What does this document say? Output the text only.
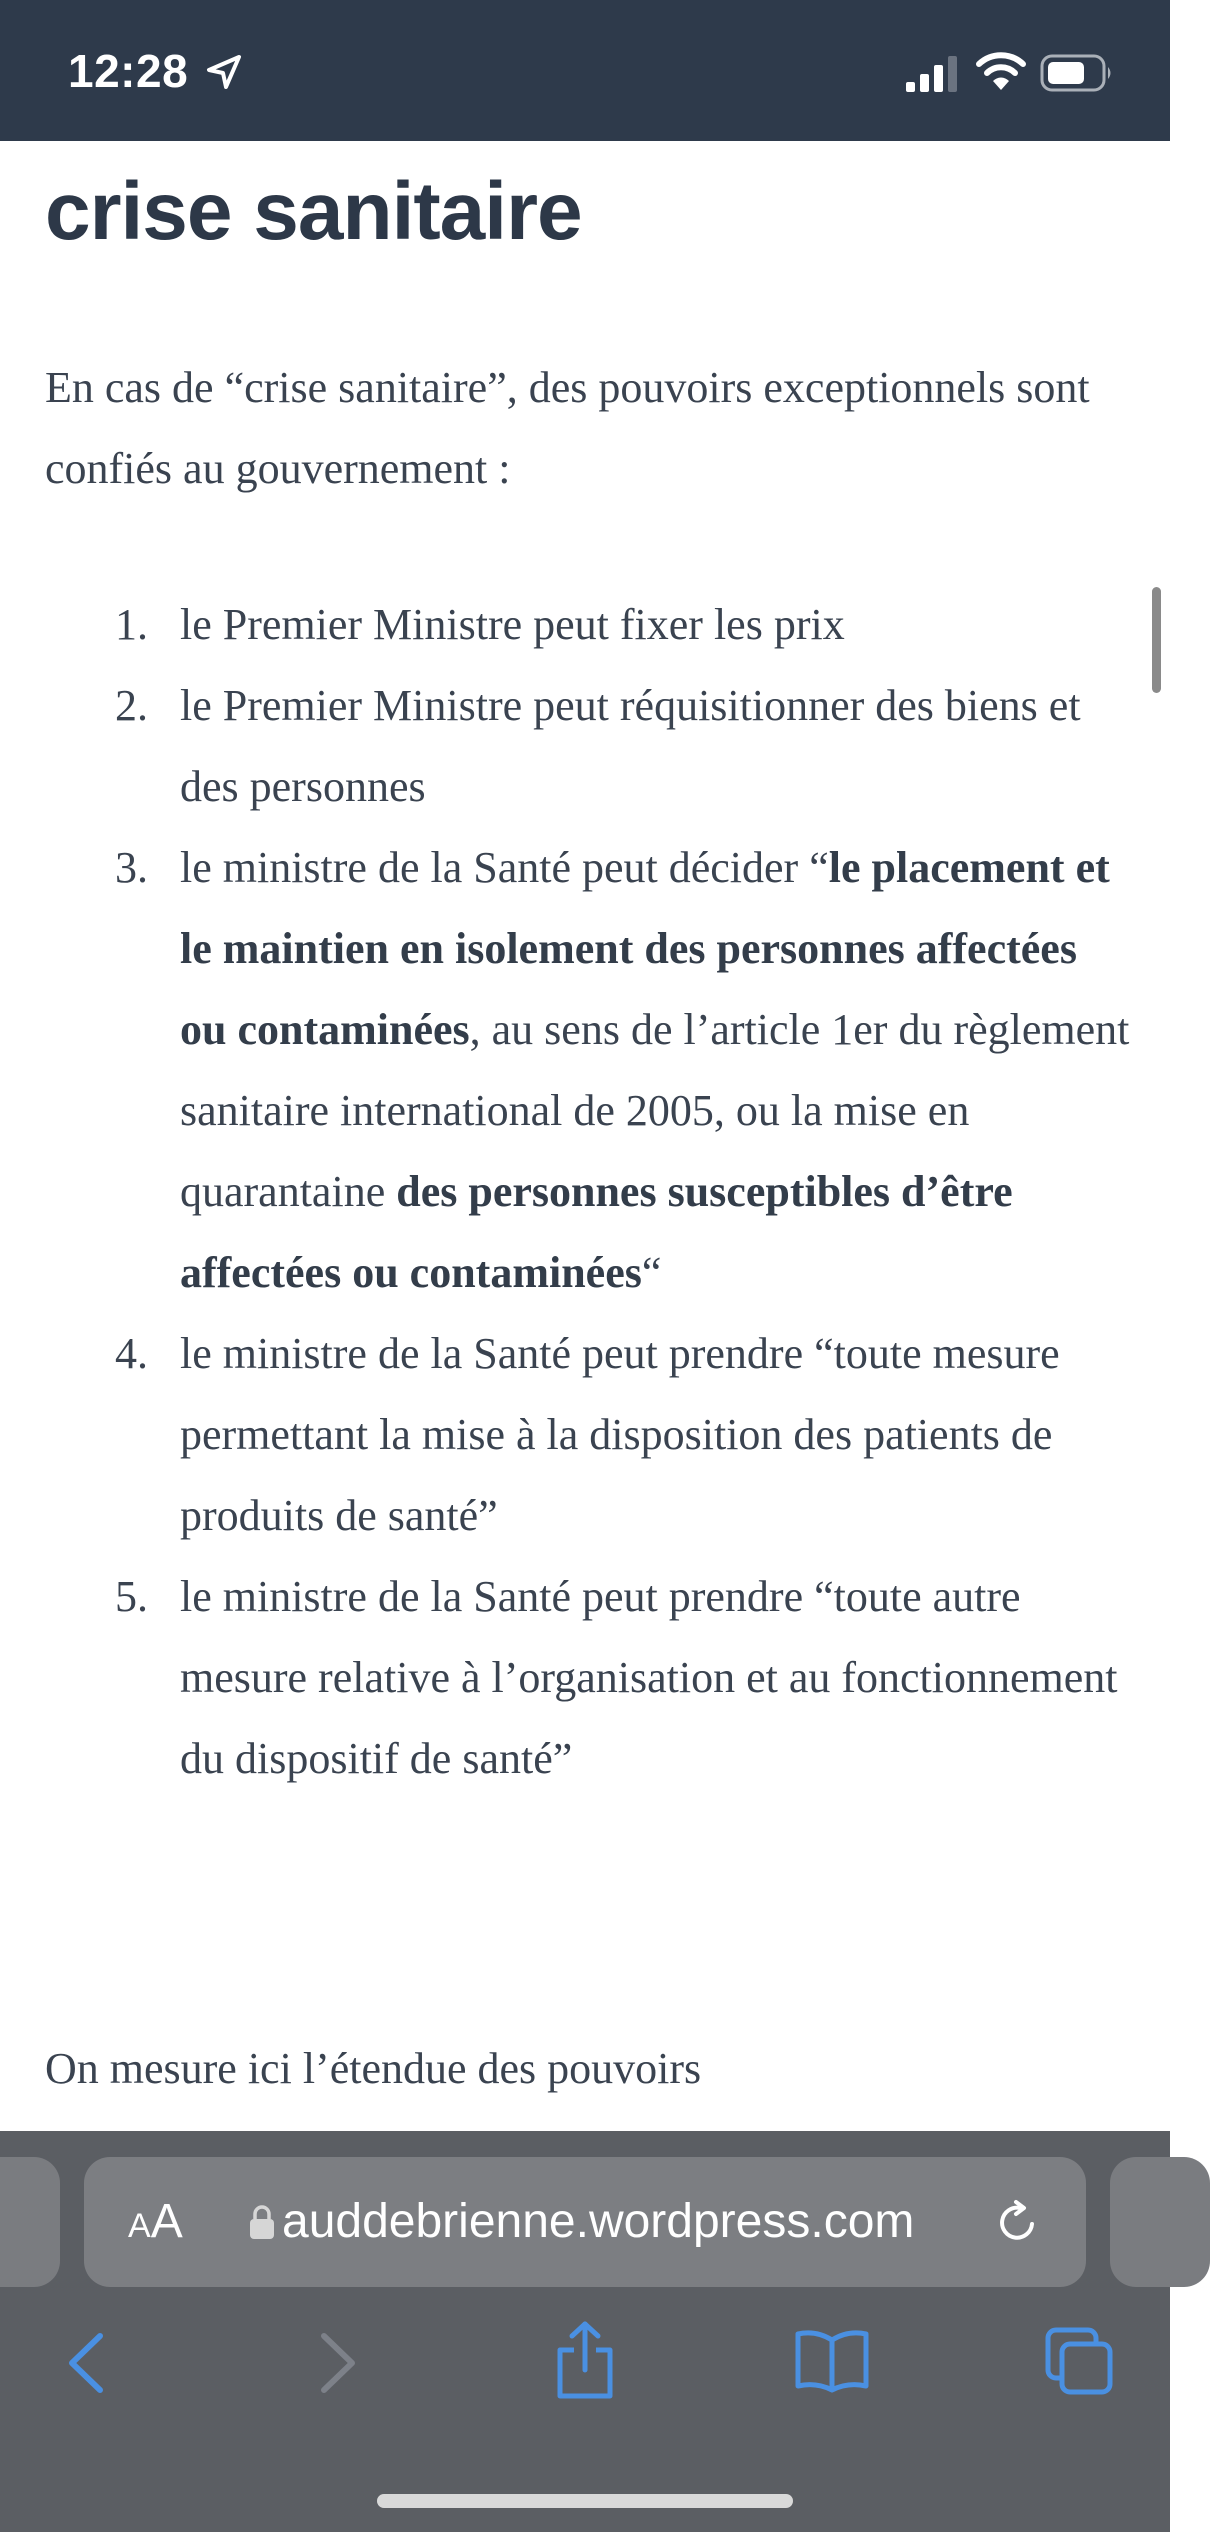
12:28
crise sanitaire

En cas de “crise sanitaire”, des pouvoirs exceptionnels sont confiés au gouvernement :

1. le Premier Ministre peut fixer les prix
2. le Premier Ministre peut réquisitionner des biens et des personnes
3. le ministre de la Santé peut décider “le placement et le maintien en isolement des personnes affectées ou contaminées, au sens de l’article 1er du règlement sanitaire international de 2005, ou la mise en quarantaine des personnes susceptibles d’être affectées ou contaminées“
4. le ministre de la Santé peut prendre “toute mesure permettant la mise à la disposition des patients de produits de santé”
5. le ministre de la Santé peut prendre “toute autre mesure relative à l’organisation et au fonctionnement du dispositif de santé”

On mesure ici l’étendue des pouvoirs

AA	auddebrienne.wordpress.com
